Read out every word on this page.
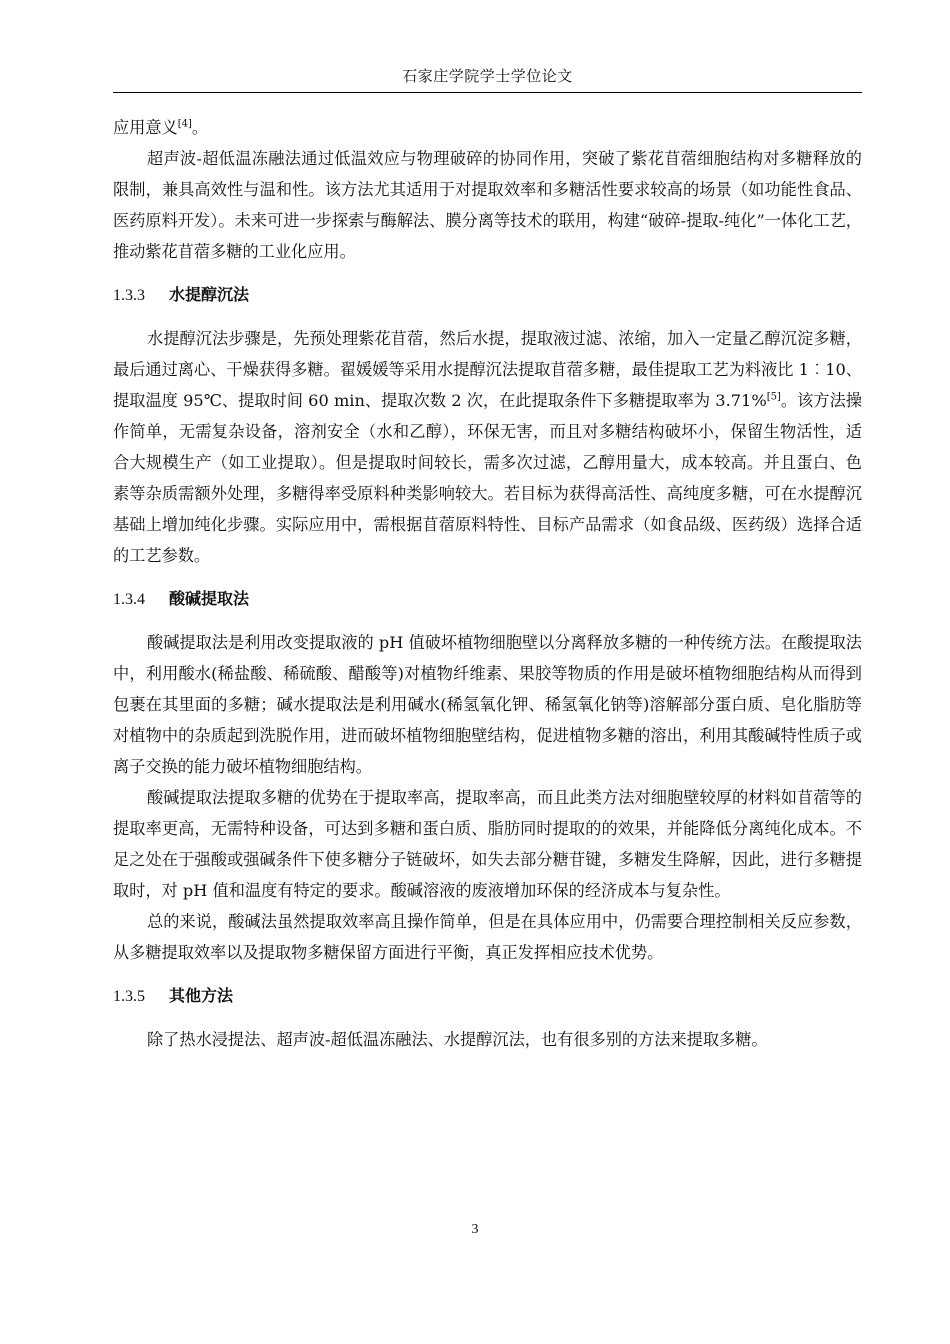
石家庄学院学士学位论文

应用意义[4]。

超声波-超低温冻融法通过低温效应与物理破碎的协同作用，突破了紫花苜蓿细胞结构对多糖释放的限制，兼具高效性与温和性。该方法尤其适用于对提取效率和多糖活性要求较高的场景（如功能性食品、医药原料开发）。未来可进一步探索与酶解法、膜分离等技术的联用，构建“破碎-提取-纯化”一体化工艺，推动紫花苜蓿多糖的工业化应用。

1.3.3 水提醇沉法

水提醇沉法步骤是，先预处理紫花苜蓿，然后水提，提取液过滤、浓缩，加入一定量乙醇沉淀多糖，最后通过离心、干燥获得多糖。翟媛媛等采用水提醇沉法提取苜蓿多糖，最佳提取工艺为料液比 1︰10、提取温度 95℃、提取时间 60 min、提取次数 2 次，在此提取条件下多糖提取率为 3.71%[5]。该方法操作简单，无需复杂设备，溶剂安全（水和乙醇），环保无害，而且对多糖结构破坏小，保留生物活性，适合大规模生产（如工业提取）。但是提取时间较长，需多次过滤，乙醇用量大，成本较高。并且蛋白、色素等杂质需额外处理，多糖得率受原料种类影响较大。若目标为获得高活性、高纯度多糖，可在水提醇沉基础上增加纯化步骤。实际应用中，需根据苜蓿原料特性、目标产品需求（如食品级、医药级）选择合适的工艺参数。

1.3.4 酸碱提取法

酸碱提取法是利用改变提取液的 pH 值破坏植物细胞壁以分离释放多糖的一种传统方法。在酸提取法中，利用酸水(稀盐酸、稀硫酸、醋酸等)对植物纤维素、果胶等物质的作用是破坏植物细胞结构从而得到包裹在其里面的多糖；碱水提取法是利用碱水(稀氢氧化钾、稀氢氧化钠等)溶解部分蛋白质、皂化脂肪等对植物中的杂质起到洗脱作用，进而破坏植物细胞壁结构，促进植物多糖的溶出，利用其酸碱特性质子或离子交换的能力破坏植物细胞结构。

酸碱提取法提取多糖的优势在于提取率高，提取率高，而且此类方法对细胞壁较厚的材料如苜蓿等的提取率更高，无需特种设备，可达到多糖和蛋白质、脂肪同时提取的的效果，并能降低分离纯化成本。不足之处在于强酸或强碱条件下使多糖分子链破坏，如失去部分糖苷键，多糖发生降解，因此，进行多糖提取时，对 pH 值和温度有特定的要求。酸碱溶液的废液增加环保的经济成本与复杂性。

总的来说，酸碱法虽然提取效率高且操作简单，但是在具体应用中，仍需要合理控制相关反应参数，从多糖提取效率以及提取物多糖保留方面进行平衡，真正发挥相应技术优势。

1.3.5 其他方法

除了热水浸提法、超声波-超低温冻融法、水提醇沉法，也有很多别的方法来提取多糖。

3
